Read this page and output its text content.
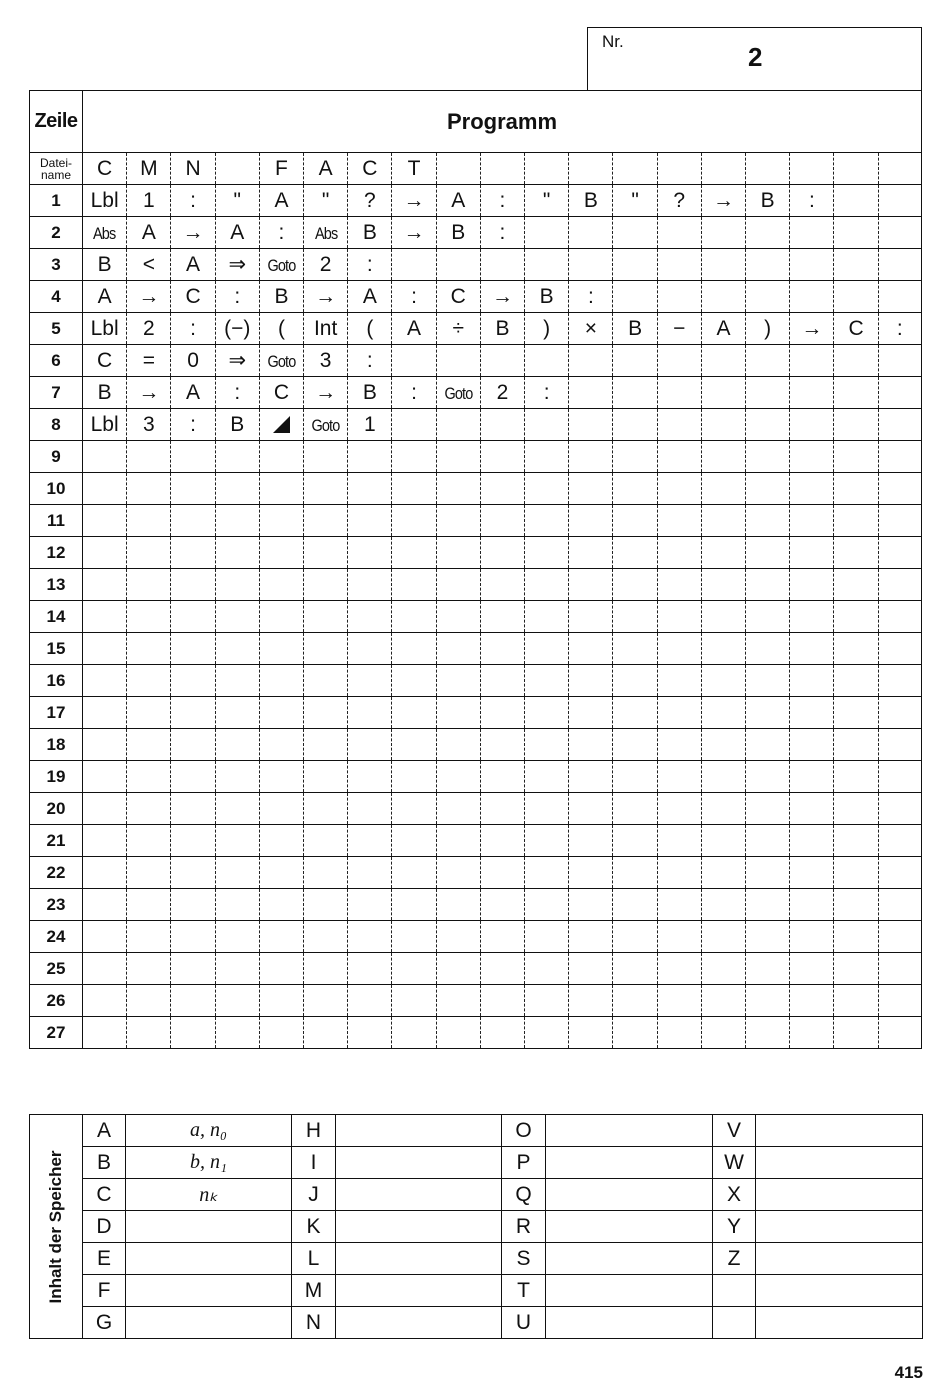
Nr.
2
Zeile	Programm																		

Datei-
name	C	M	N		F	A	C	T											
1	Lbl	1	:	"	A	"	?	→	A	:	"	B	"	?	→	B	:		
2	Abs	A	→	A	:	Abs	B	→	B	:									
3	B	<	A	⇒	Goto	2	:												
4	A	→	C	:	B	→	A	:	C	→	B	:							
5	Lbl	2	:	(−)	(	Int	(	A	÷	B	)	×	B	−	A	)	→	C	:
6	C	=	0	⇒	Goto	3	:												
7	B	→	A	:	C	→	B	:	Goto	2	:								
8	Lbl	3	:	B		Goto	1												
9																			
10																			
11																			
12																			
13																			
14																			
15																			
16																			
17																			
18																			
19																			
20																			
21																			
22																			
23																			
24																			
25																			
26																			
27																			
Inhalt der Speicher	A	a, n₀	H		O		V	
	B	b, n₁	I		P		W	
	C	nₖ	J		Q		X	
	D		K		R		Y	
	E		L		S		Z	
	F		M		T			
	G		N		U			
415
